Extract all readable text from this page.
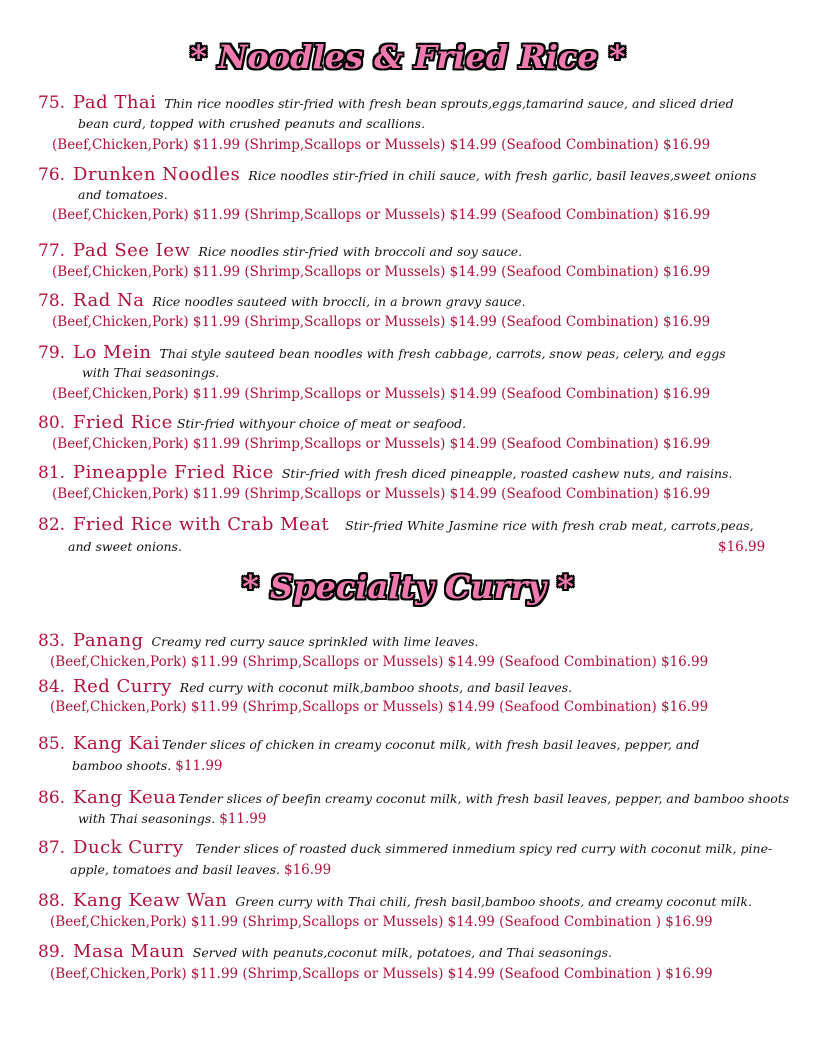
* Noodles & Fried Rice *
* Specialty Curry *
75. Pad Thai Thin rice noodles stir-fried with fresh bean sprouts,eggs,tamarind sauce, and sliced dried
bean curd, topped with crushed peanuts and scallions.
(Beef,Chicken,Pork) $11.99 (Shrimp,Scallops or Mussels) $14.99 (Seafood Combination) $16.99
76. Drunken Noodles Rice noodles stir-fried in chili sauce, with fresh garlic, basil leaves,sweet onions
and tomatoes.
(Beef,Chicken,Pork) $11.99 (Shrimp,Scallops or Mussels) $14.99 (Seafood Combination) $16.99
77. Pad See Iew Rice noodles stir-fried with broccoli and soy sauce.
(Beef,Chicken,Pork) $11.99 (Shrimp,Scallops or Mussels) $14.99 (Seafood Combination) $16.99
78. Rad Na Rice noodles sauteed with broccli, in a brown gravy sauce.
(Beef,Chicken,Pork) $11.99 (Shrimp,Scallops or Mussels) $14.99 (Seafood Combination) $16.99
79. Lo Mein Thai style sauteed bean noodles with fresh cabbage, carrots, snow peas, celery, and eggs
with Thai seasonings.
(Beef,Chicken,Pork) $11.99 (Shrimp,Scallops or Mussels) $14.99 (Seafood Combination) $16.99
80. Fried Rice Stir-fried withyour choice of meat or seafood.
(Beef,Chicken,Pork) $11.99 (Shrimp,Scallops or Mussels) $14.99 (Seafood Combination) $16.99
81. Pineapple Fried Rice Stir-fried with fresh diced pineapple, roasted cashew nuts, and raisins.
(Beef,Chicken,Pork) $11.99 (Shrimp,Scallops or Mussels) $14.99 (Seafood Combination) $16.99
82. Fried Rice with Crab Meat Stir-fried White Jasmine rice with fresh crab meat, carrots,peas,
and sweet onions.	$16.99
83. Panang Creamy red curry sauce sprinkled with lime leaves.
(Beef,Chicken,Pork) $11.99 (Shrimp,Scallops or Mussels) $14.99 (Seafood Combination) $16.99
84. Red Curry Red curry with coconut milk,bamboo shoots, and basil leaves.
(Beef,Chicken,Pork) $11.99 (Shrimp,Scallops or Mussels) $14.99 (Seafood Combination) $16.99
85. Kang Kai Tender slices of chicken in creamy coconut milk, with fresh basil leaves, pepper, and
bamboo shoots. $11.99
86. Kang Keua Tender slices of beefin creamy coconut milk, with fresh basil leaves, pepper, and bamboo shoots
with Thai seasonings. $11.99
87. Duck Curry Tender slices of roasted duck simmered inmedium spicy red curry with coconut milk, pine-
apple, tomatoes and basil leaves. $16.99
88. Kang Keaw Wan Green curry with Thai chili, fresh basil,bamboo shoots, and creamy coconut milk.
(Beef,Chicken,Pork) $11.99 (Shrimp,Scallops or Mussels) $14.99 (Seafood Combination ) $16.99
89. Masa Maun Served with peanuts,coconut milk, potatoes, and Thai seasonings.
(Beef,Chicken,Pork) $11.99 (Shrimp,Scallops or Mussels) $14.99 (Seafood Combination ) $16.99
